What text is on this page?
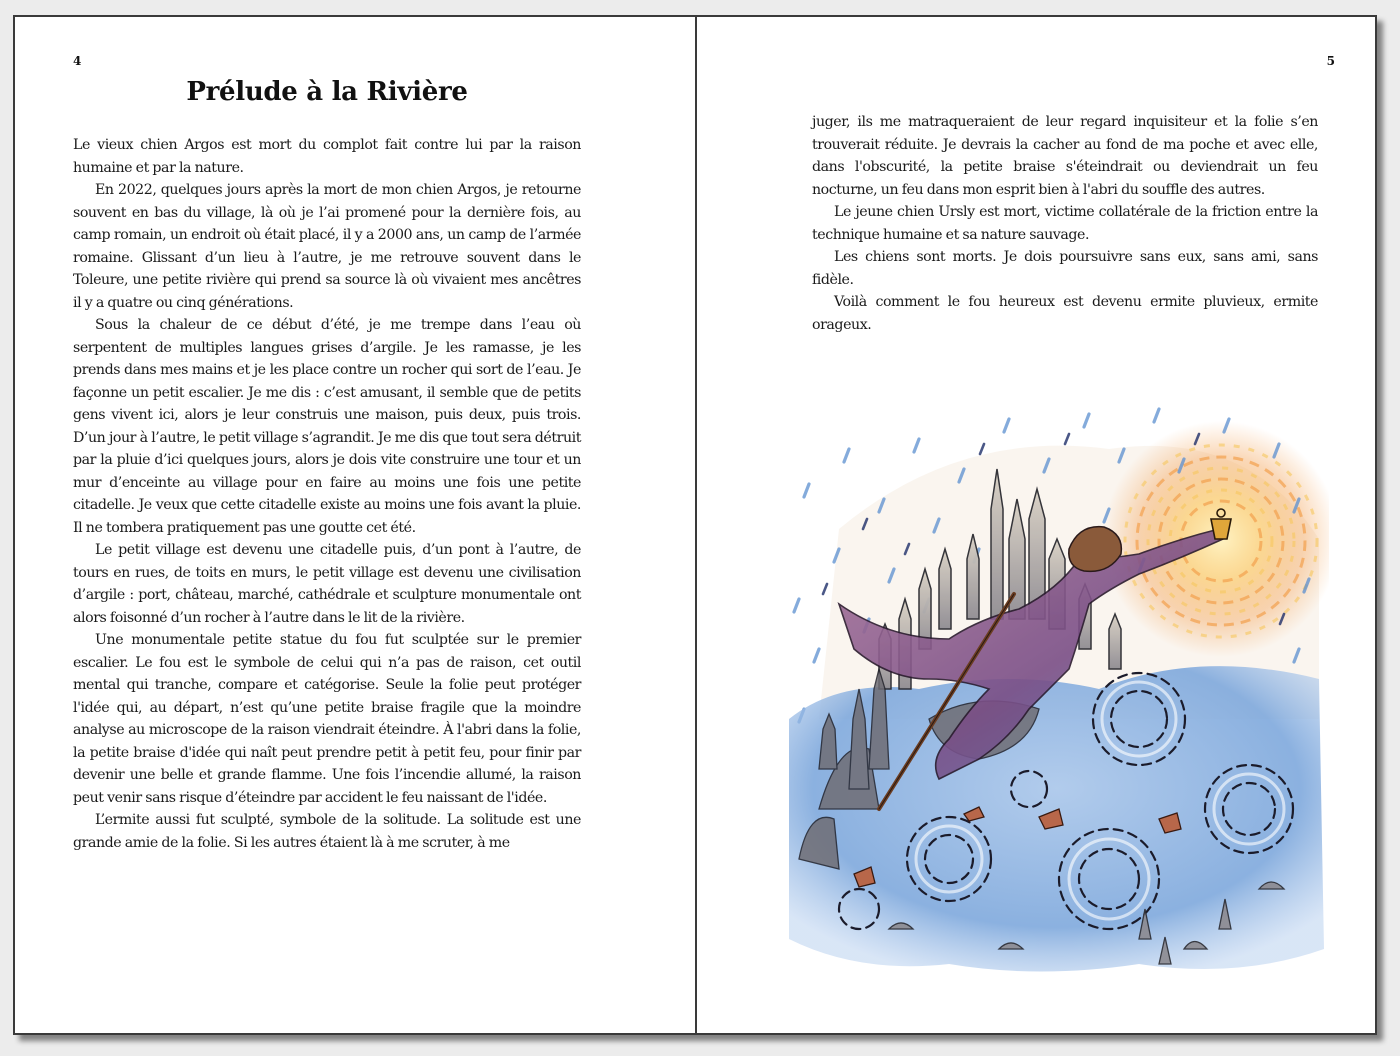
4
Prélude à la Rivière

Le vieux chien Argos est mort du complot fait contre lui par la raison humaine et par la nature.

En 2022, quelques jours après la mort de mon chien Argos, je retourne souvent en bas du village, là où je l’ai promené pour la dernière fois, au camp romain, un endroit où était placé, il y a 2000 ans, un camp de l’armée romaine. Glissant d’un lieu à l’autre, je me retrouve souvent dans le Toleure, une petite rivière qui prend sa source là où vivaient mes ancêtres il y a quatre ou cinq générations.

Sous la chaleur de ce début d’été, je me trempe dans l’eau où serpentent de multiples langues grises d’argile. Je les ramasse, je les prends dans mes mains et je les place contre un rocher qui sort de l’eau. Je façonne un petit escalier. Je me dis : c’est amusant, il semble que de petits gens vivent ici, alors je leur construis une maison, puis deux, puis trois. D’un jour à l’autre, le petit village s’agrandit. Je me dis que tout sera détruit par la pluie d’ici quelques jours, alors je dois vite construire une tour et un mur d’enceinte au village pour en faire au moins une fois une petite citadelle. Je veux que cette citadelle existe au moins une fois avant la pluie. Il ne tombera pratiquement pas une goutte cet été.

Le petit village est devenu une citadelle puis, d’un pont à l’autre, de tours en rues, de toits en murs, le petit village est devenu une civilisation d’argile : port, château, marché, cathédrale et sculpture monumentale ont alors foisonné d’un rocher à l’autre dans le lit de la rivière.

Une monumentale petite statue du fou fut sculptée sur le premier escalier. Le fou est le symbole de celui qui n’a pas de raison, cet outil mental qui tranche, compare et catégorise. Seule la folie peut protéger l'idée qui, au départ, n’est qu’une petite braise fragile que la moindre analyse au microscope de la raison viendrait éteindre. À l'abri dans la folie, la petite braise d'idée qui naît peut prendre petit à petit feu, pour finir par devenir une belle et grande flamme. Une fois l’incendie allumé, la raison peut venir sans risque d’éteindre par accident le feu naissant de l'idée.

L’ermite aussi fut sculpté, symbole de la solitude. La solitude est une grande amie de la folie. Si les autres étaient là à me scruter, à me

5

juger, ils me matraqueraient de leur regard inquisiteur et la folie s’en trouverait réduite. Je devrais la cacher au fond de ma poche et avec elle, dans l'obscurité, la petite braise s'éteindrait ou deviendrait un feu nocturne, un feu dans mon esprit bien à l'abri du souffle des autres.

Le jeune chien Ursly est mort, victime collatérale de la friction entre la technique humaine et sa nature sauvage.

Les chiens sont morts. Je dois poursuivre sans eux, sans ami, sans fidèle.

Voilà comment le fou heureux est devenu ermite pluvieux, ermite orageux.
